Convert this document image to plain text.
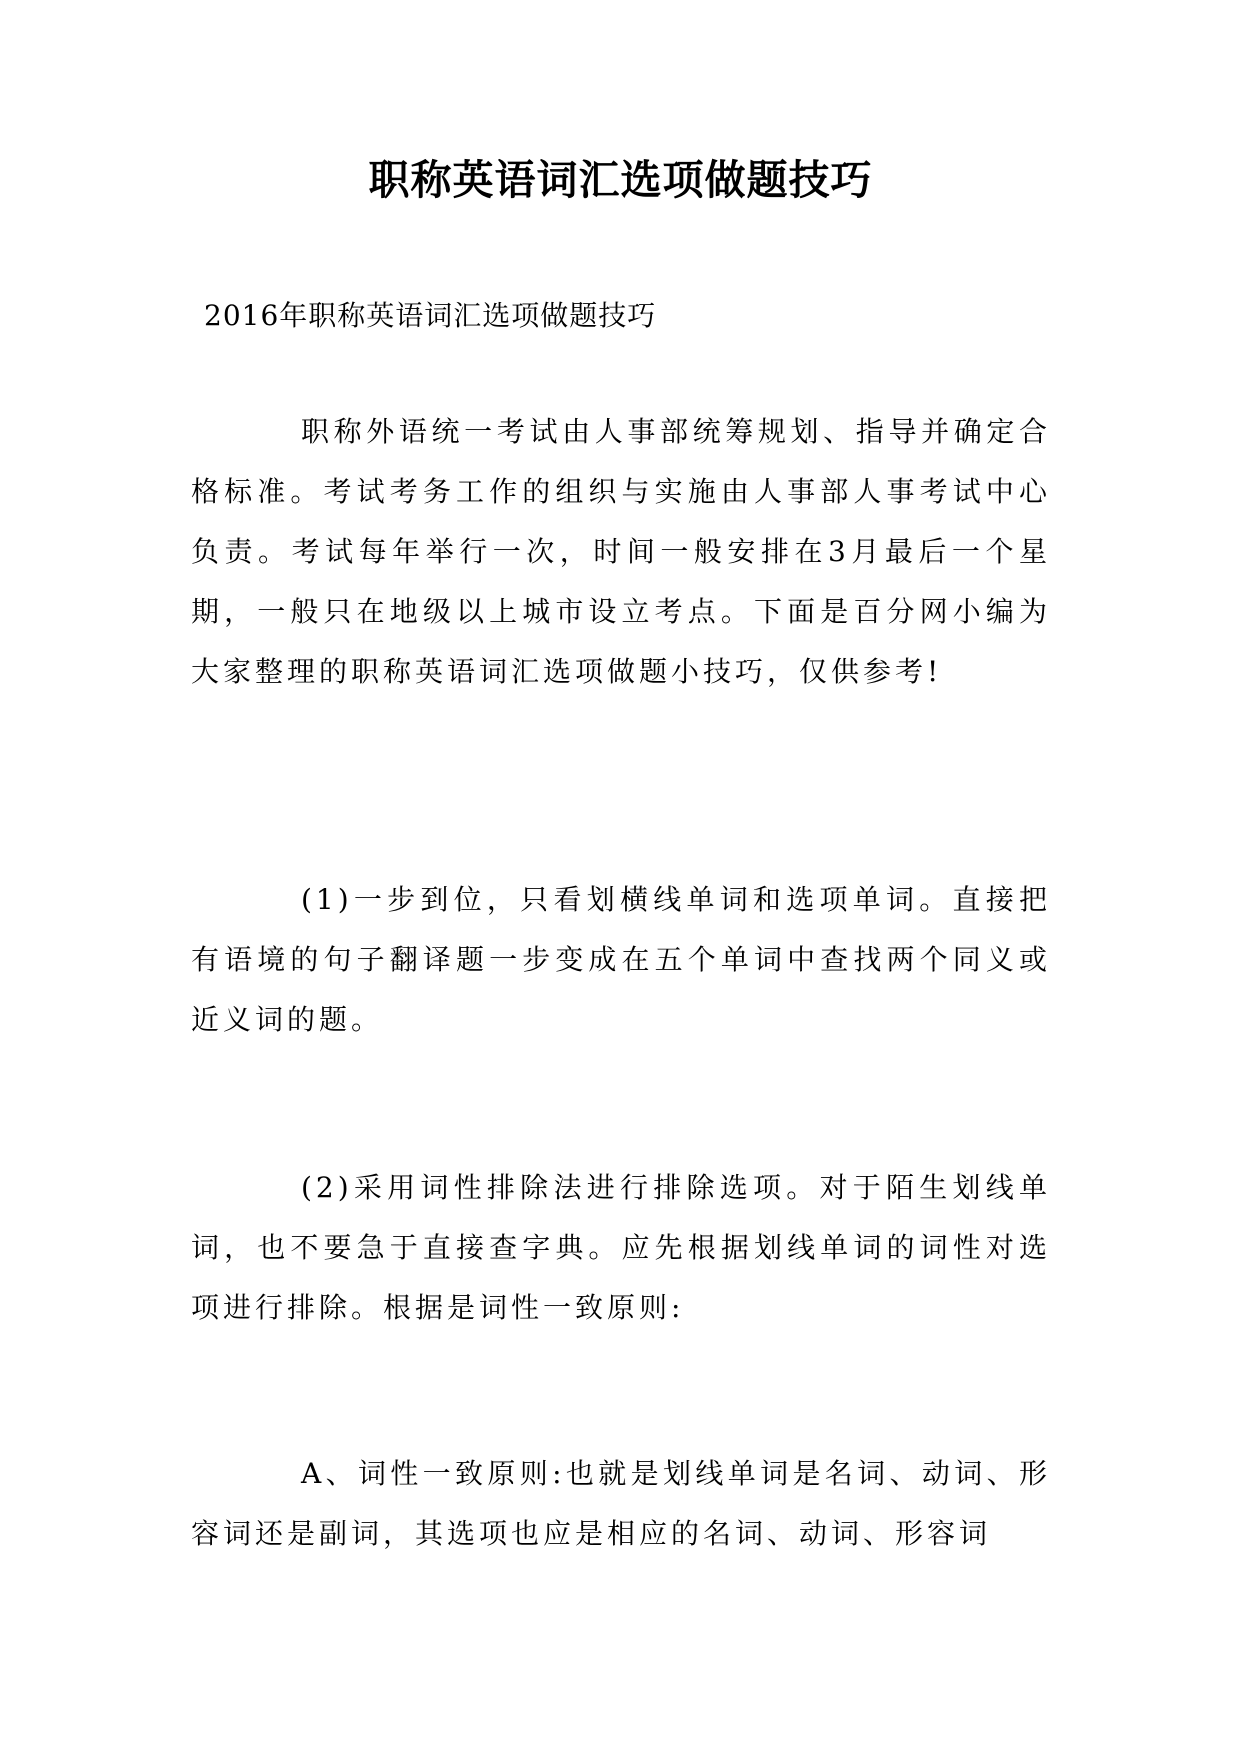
职称英语词汇选项做题技巧

2016年职称英语词汇选项做题技巧

职称外语统一考试由人事部统筹规划、指导并确定合格标准。考试考务工作的组织与实施由人事部人事考试中心负责。考试每年举行一次，时间一般安排在3月最后一个星期，一般只在地级以上城市设立考点。下面是百分网小编为大家整理的职称英语词汇选项做题小技巧，仅供参考!

(1)一步到位，只看划横线单词和选项单词。直接把有语境的句子翻译题一步变成在五个单词中查找两个同义或近义词的题。

(2)采用词性排除法进行排除选项。对于陌生划线单词，也不要急于直接查字典。应先根据划线单词的词性对选项进行排除。根据是词性一致原则:

A、词性一致原则:也就是划线单词是名词、动词、形容词还是副词，其选项也应是相应的名词、动词、形容词
